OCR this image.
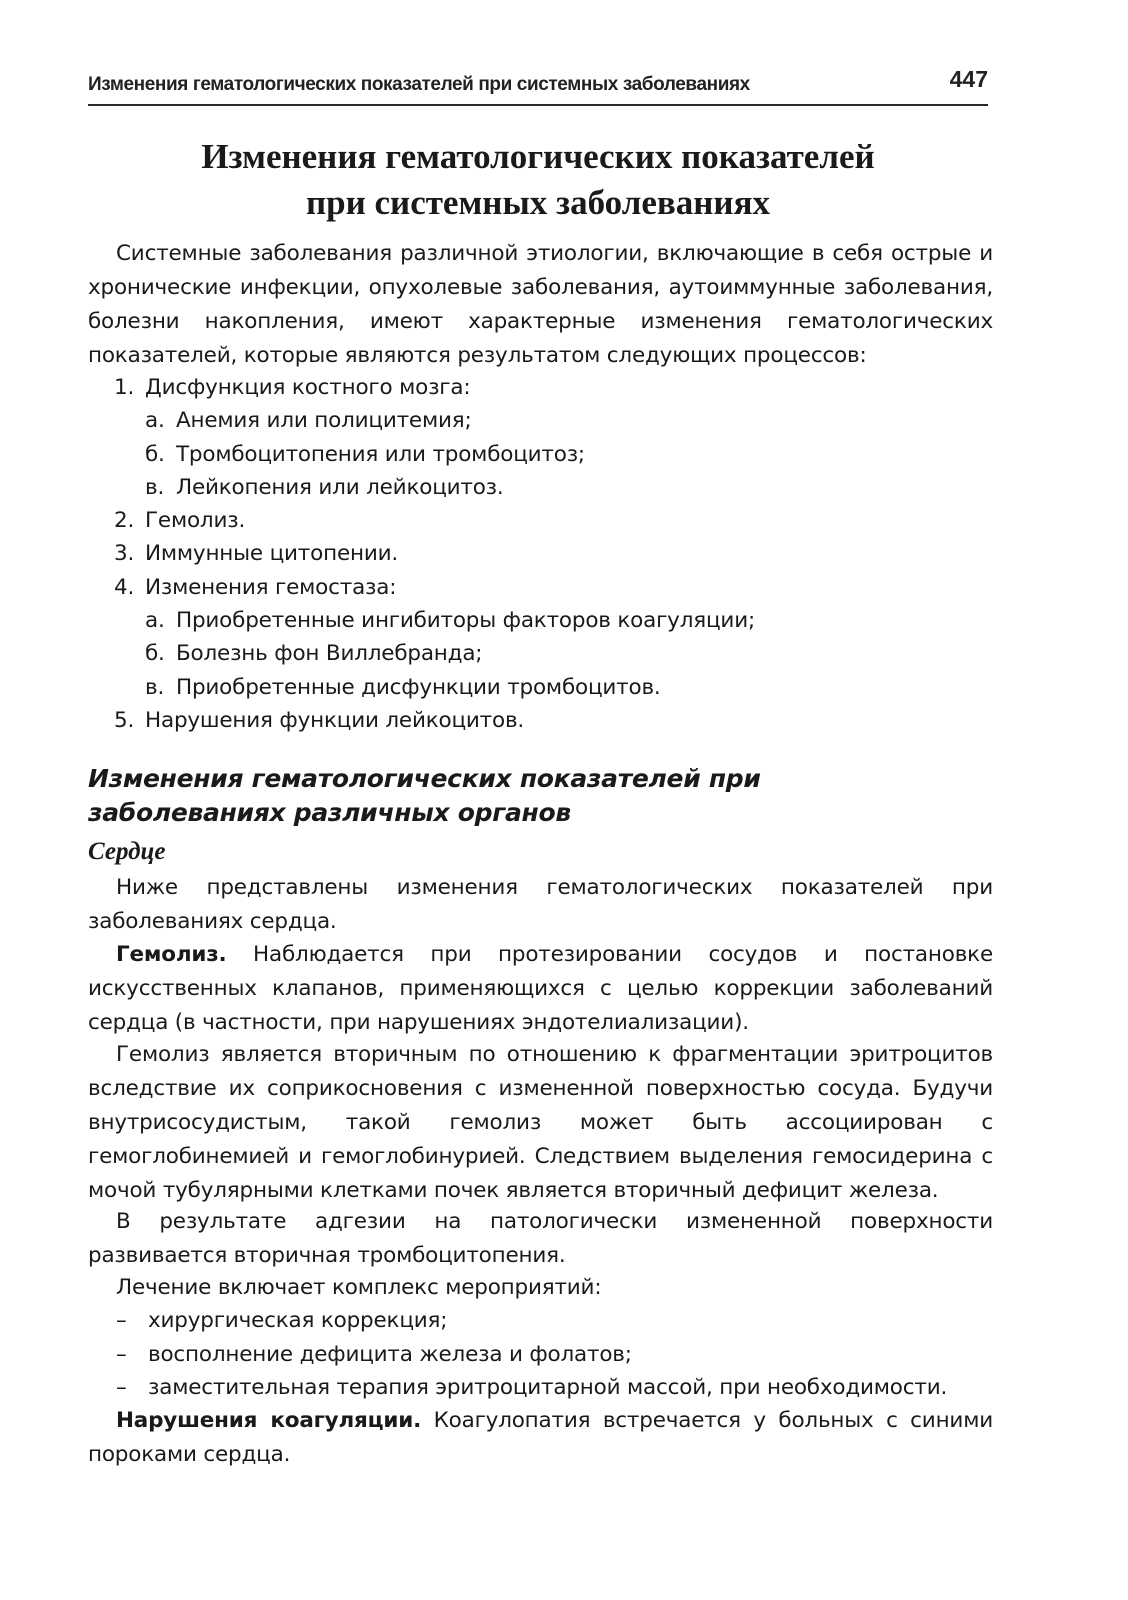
Изменения гематологических показателей при системных заболеваниях	447
Изменения гематологических показателей
при системных заболеваниях

Системные заболевания различной этиологии, включающие в себя острые и хронические инфекции, опухолевые заболевания, аутоиммунные заболевания, болезни накопления, имеют характерные изменения гематологических показателей, которые являются результатом следующих процессов:

1. Дисфункция костного мозга:
а. Анемия или полицитемия;
б. Тромбоцитопения или тромбоцитоз;
в. Лейкопения или лейкоцитоз.
2. Гемолиз.
3. Иммунные цитопении.
4. Изменения гемостаза:
а. Приобретенные ингибиторы факторов коагуляции;
б. Болезнь фон Виллебранда;
в. Приобретенные дисфункции тромбоцитов.
5. Нарушения функции лейкоцитов.
Изменения гематологических показателей при
заболеваниях различных органов
Сердце

Ниже представлены изменения гематологических показателей при заболеваниях сердца.

Гемолиз. Наблюдается при протезировании сосудов и постановке искусственных клапанов, применяющихся с целью коррекции заболеваний сердца (в частности, при нарушениях эндотелиализации).

Гемолиз является вторичным по отношению к фрагментации эритроцитов вследствие их соприкосновения с измененной поверхностью сосуда. Будучи внутрисосудистым, такой гемолиз может быть ассоциирован с гемоглобинемией и гемоглобинурией. Следствием выделения гемосидерина с мочой тубулярными клетками почек является вторичный дефицит железа.

В результате адгезии на патологически измененной поверхности развивается вторичная тромбоцитопения.

Лечение включает комплекс мероприятий:

– хирургическая коррекция;
– восполнение дефицита железа и фолатов;
– заместительная терапия эритроцитарной массой, при необходимости.

Нарушения коагуляции. Коагулопатия встречается у больных с синими пороками сердца.
